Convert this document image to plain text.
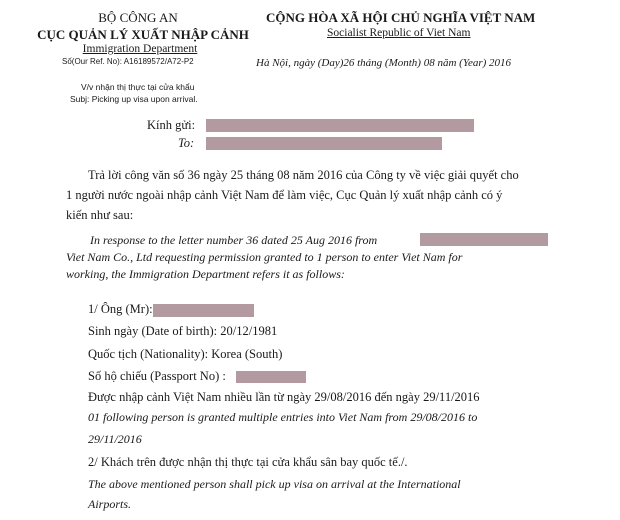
BỘ CÔNG AN
CỤC QUẢN LÝ XUẤT NHẬP CẢNH
Immigration Department
Số(Our Ref. No): A16189572/A72-P2
V/v nhận thị thực tại cửa khẩu
Subj: Picking up visa upon arrival.
CỘNG HÒA XÃ HỘI CHỦ NGHĨA VIỆT NAM
Socialist Republic of Viet Nam
Hà Nội, ngày (Day)26 tháng (Month) 08 năm (Year) 2016
Kính gửi:
To:
Trả lời công văn số 36 ngày 25 tháng 08 năm 2016 của Công ty về việc giải quyết cho
1 người nước ngoài nhập cảnh Việt Nam để làm việc, Cục Quản lý xuất nhập cảnh có ý
kiến như sau:
In response to the letter number 36 dated 25 Aug 2016 from
Viet Nam Co., Ltd requesting permission granted to 1 person to enter Viet Nam for
working, the Immigration Department refers it as follows:
1/ Ông (Mr):
Sinh ngày (Date of birth): 20/12/1981
Quốc tịch (Nationality): Korea (South)
Số hộ chiếu (Passport No) :
Được nhập cảnh Việt Nam nhiều lần từ ngày 29/08/2016 đến ngày 29/11/2016
01 following person is granted multiple entries into Viet Nam from 29/08/2016 to
29/11/2016
2/ Khách trên được nhận thị thực tại cửa khẩu sân bay quốc tế./.
The above mentioned person shall pick up visa on arrival at the International
Airports.
